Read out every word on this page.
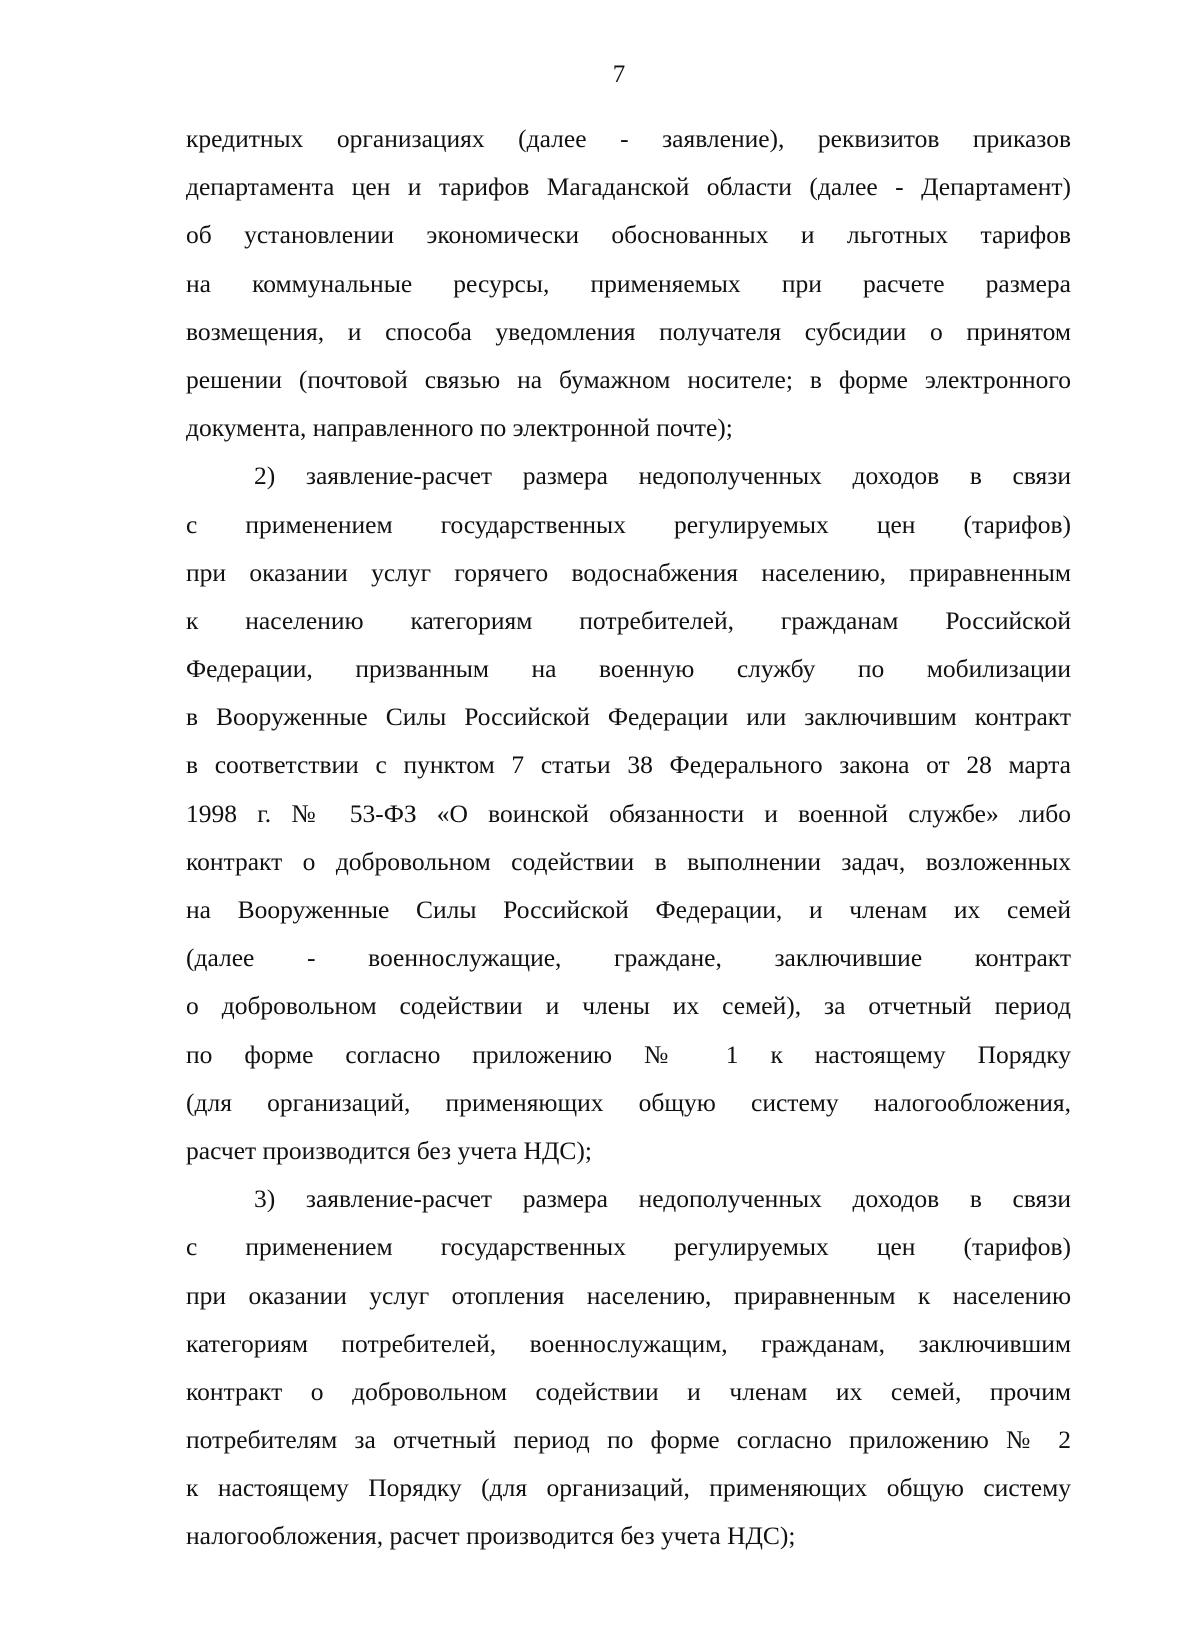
7
кредитных организациях (далее - заявление), реквизитов приказов
департамента цен и тарифов Магаданской области (далее - Департамент)
об установлении экономически обоснованных и льготных тарифов
на коммунальные ресурсы, применяемых при расчете размера
возмещения, и способа уведомления получателя субсидии о принятом
решении (почтовой связью на бумажном носителе; в форме электронного
документа, направленного по электронной почте);
2) заявление-расчет размера недополученных доходов в связи
с применением государственных регулируемых цен (тарифов)
при оказании услуг горячего водоснабжения населению, приравненным
к населению категориям потребителей, гражданам Российской
Федерации, призванным на военную службу по мобилизации
в Вооруженные Силы Российской Федерации или заключившим контракт
в соответствии с пунктом 7 статьи 38 Федерального закона от 28 марта
1998 г. № 53-ФЗ «О воинской обязанности и военной службе» либо
контракт о добровольном содействии в выполнении задач, возложенных
на Вооруженные Силы Российской Федерации, и членам их семей
(далее - военнослужащие, граждане, заключившие контракт
о добровольном содействии и члены их семей), за отчетный период
по форме согласно приложению № 1 к настоящему Порядку
(для организаций, применяющих общую систему налогообложения,
расчет производится без учета НДС);
3) заявление-расчет размера недополученных доходов в связи
с применением государственных регулируемых цен (тарифов)
при оказании услуг отопления населению, приравненным к населению
категориям потребителей, военнослужащим, гражданам, заключившим
контракт о добровольном содействии и членам их семей, прочим
потребителям за отчетный период по форме согласно приложению № 2
к настоящему Порядку (для организаций, применяющих общую систему
налогообложения, расчет производится без учета НДС);
